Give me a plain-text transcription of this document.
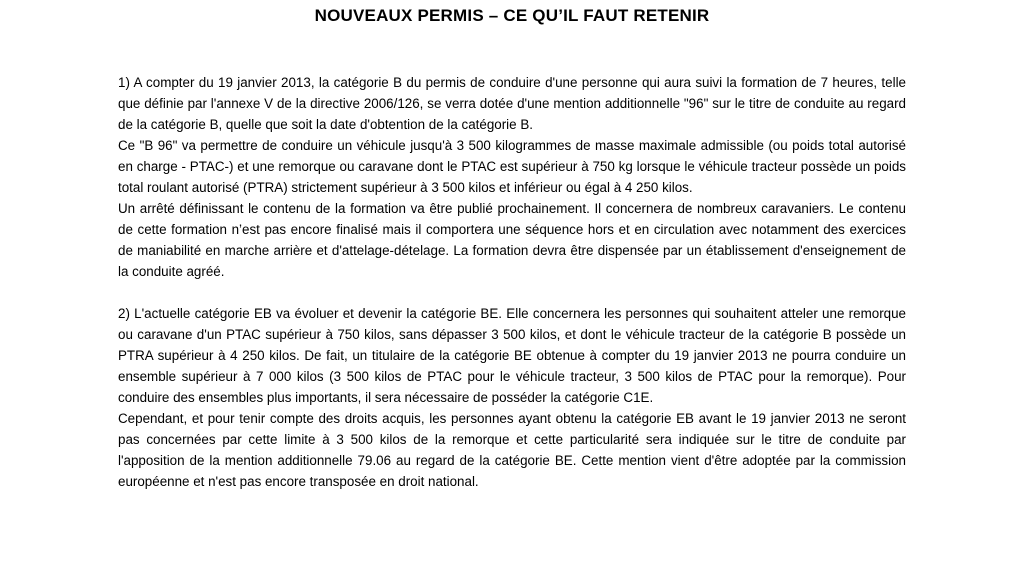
NOUVEAUX PERMIS – CE QU’IL FAUT RETENIR

1) A compter du 19 janvier 2013, la catégorie B du permis de conduire d'une personne qui aura suivi la formation de 7 heures, telle que définie par l'annexe V de la directive 2006/126, se verra dotée d'une mention additionnelle "96" sur le titre de conduite au regard de la catégorie B, quelle que soit la date d'obtention de la catégorie B.

Ce "B 96" va permettre de conduire un véhicule jusqu'à 3 500 kilogrammes de masse maximale admissible (ou poids total autorisé en charge - PTAC-) et une remorque ou caravane dont le PTAC est supérieur à 750 kg lorsque le véhicule tracteur possède un poids total roulant autorisé (PTRA) strictement supérieur à 3 500 kilos et inférieur ou égal à 4 250 kilos.

Un arrêté définissant le contenu de la formation va être publié prochainement. Il concernera de nombreux caravaniers. Le contenu de cette formation n’est pas encore finalisé mais il comportera une séquence hors et en circulation avec notamment des exercices de maniabilité en marche arrière et d'attelage-dételage. La formation devra être dispensée par un établissement d'enseignement de la conduite agréé.

2) L'actuelle catégorie EB va évoluer et devenir la catégorie BE. Elle concernera les personnes qui souhaitent atteler une remorque ou caravane d'un PTAC supérieur à 750 kilos, sans dépasser 3 500 kilos, et dont le véhicule tracteur de la catégorie B possède un PTRA supérieur à 4 250 kilos. De fait, un titulaire de la catégorie BE obtenue à compter du 19 janvier 2013 ne pourra conduire un ensemble supérieur à 7 000 kilos (3 500 kilos de PTAC pour le véhicule tracteur, 3 500 kilos de PTAC pour la remorque). Pour conduire des ensembles plus importants, il sera nécessaire de posséder la catégorie C1E.

Cependant, et pour tenir compte des droits acquis, les personnes ayant obtenu la catégorie EB avant le 19 janvier 2013 ne seront pas concernées par cette limite à 3 500 kilos de la remorque et cette particularité sera indiquée sur le titre de conduite par l'apposition de la mention additionnelle 79.06 au regard de la catégorie BE. Cette mention vient d'être adoptée par la commission européenne et n'est pas encore transposée en droit national.
